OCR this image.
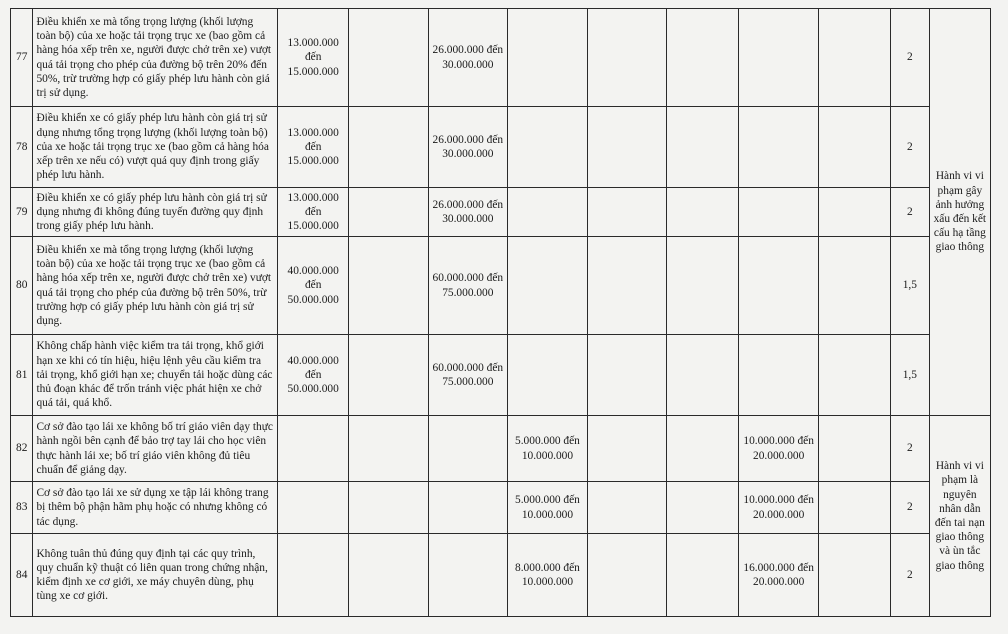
77	Điều khiển xe mà tổng trọng lượng (khối lượng toàn bộ) của xe hoặc tải trọng trục xe (bao gồm cả hàng hóa xếp trên xe, người được chở trên xe) vượt quá tải trọng cho phép của đường bộ trên 20% đến 50%, trừ trường hợp có giấy phép lưu hành còn giá trị sử dụng.	13.000.000 đến 15.000.000		26.000.000 đến 30.000.000						2	Hành vi vi phạm gây ảnh hưởng xấu đến kết cấu hạ tầng giao thông
78	Điều khiển xe có giấy phép lưu hành còn giá trị sử dụng nhưng tổng trọng lượng (khối lượng toàn bộ) của xe hoặc tải trọng trục xe (bao gồm cả hàng hóa xếp trên xe nếu có) vượt quá quy định trong giấy phép lưu hành.	13.000.000 đến 15.000.000		26.000.000 đến 30.000.000						2	
79	Điều khiển xe có giấy phép lưu hành còn giá trị sử dụng nhưng đi không đúng tuyến đường quy định trong giấy phép lưu hành.	13.000.000 đến 15.000.000		26.000.000 đến 30.000.000						2	
80	Điều khiển xe mà tổng trọng lượng (khối lượng toàn bộ) của xe hoặc tải trọng trục xe (bao gồm cả hàng hóa xếp trên xe, người được chở trên xe) vượt quá tải trọng cho phép của đường bộ trên 50%, trừ trường hợp có giấy phép lưu hành còn giá trị sử dụng.	40.000.000 đến 50.000.000		60.000.000 đến 75.000.000						1,5	
81	Không chấp hành việc kiểm tra tải trọng, khổ giới hạn xe khi có tín hiệu, hiệu lệnh yêu cầu kiểm tra tải trọng, khổ giới hạn xe; chuyển tải hoặc dùng các thủ đoạn khác để trốn tránh việc phát hiện xe chở quá tải, quá khổ.	40.000.000 đến 50.000.000		60.000.000 đến 75.000.000						1,5	
82	Cơ sở đào tạo lái xe không bố trí giáo viên dạy thực hành ngồi bên cạnh để bảo trợ tay lái cho học viên thực hành lái xe; bố trí giáo viên không đủ tiêu chuẩn để giảng dạy.				5.000.000 đến 10.000.000			10.000.000 đến 20.000.000		2	Hành vi vi phạm là nguyên nhân dẫn đến tai nạn giao thông và ùn tắc giao thông
83	Cơ sở đào tạo lái xe sử dụng xe tập lái không trang bị thêm bộ phận hãm phụ hoặc có nhưng không có tác dụng.				5.000.000 đến 10.000.000			10.000.000 đến 20.000.000		2	
84	Không tuân thủ đúng quy định tại các quy trình, quy chuẩn kỹ thuật có liên quan trong chứng nhận, kiểm định xe cơ giới, xe máy chuyên dùng, phụ tùng xe cơ giới.				8.000.000 đến 10.000.000			16.000.000 đến 20.000.000		2	
